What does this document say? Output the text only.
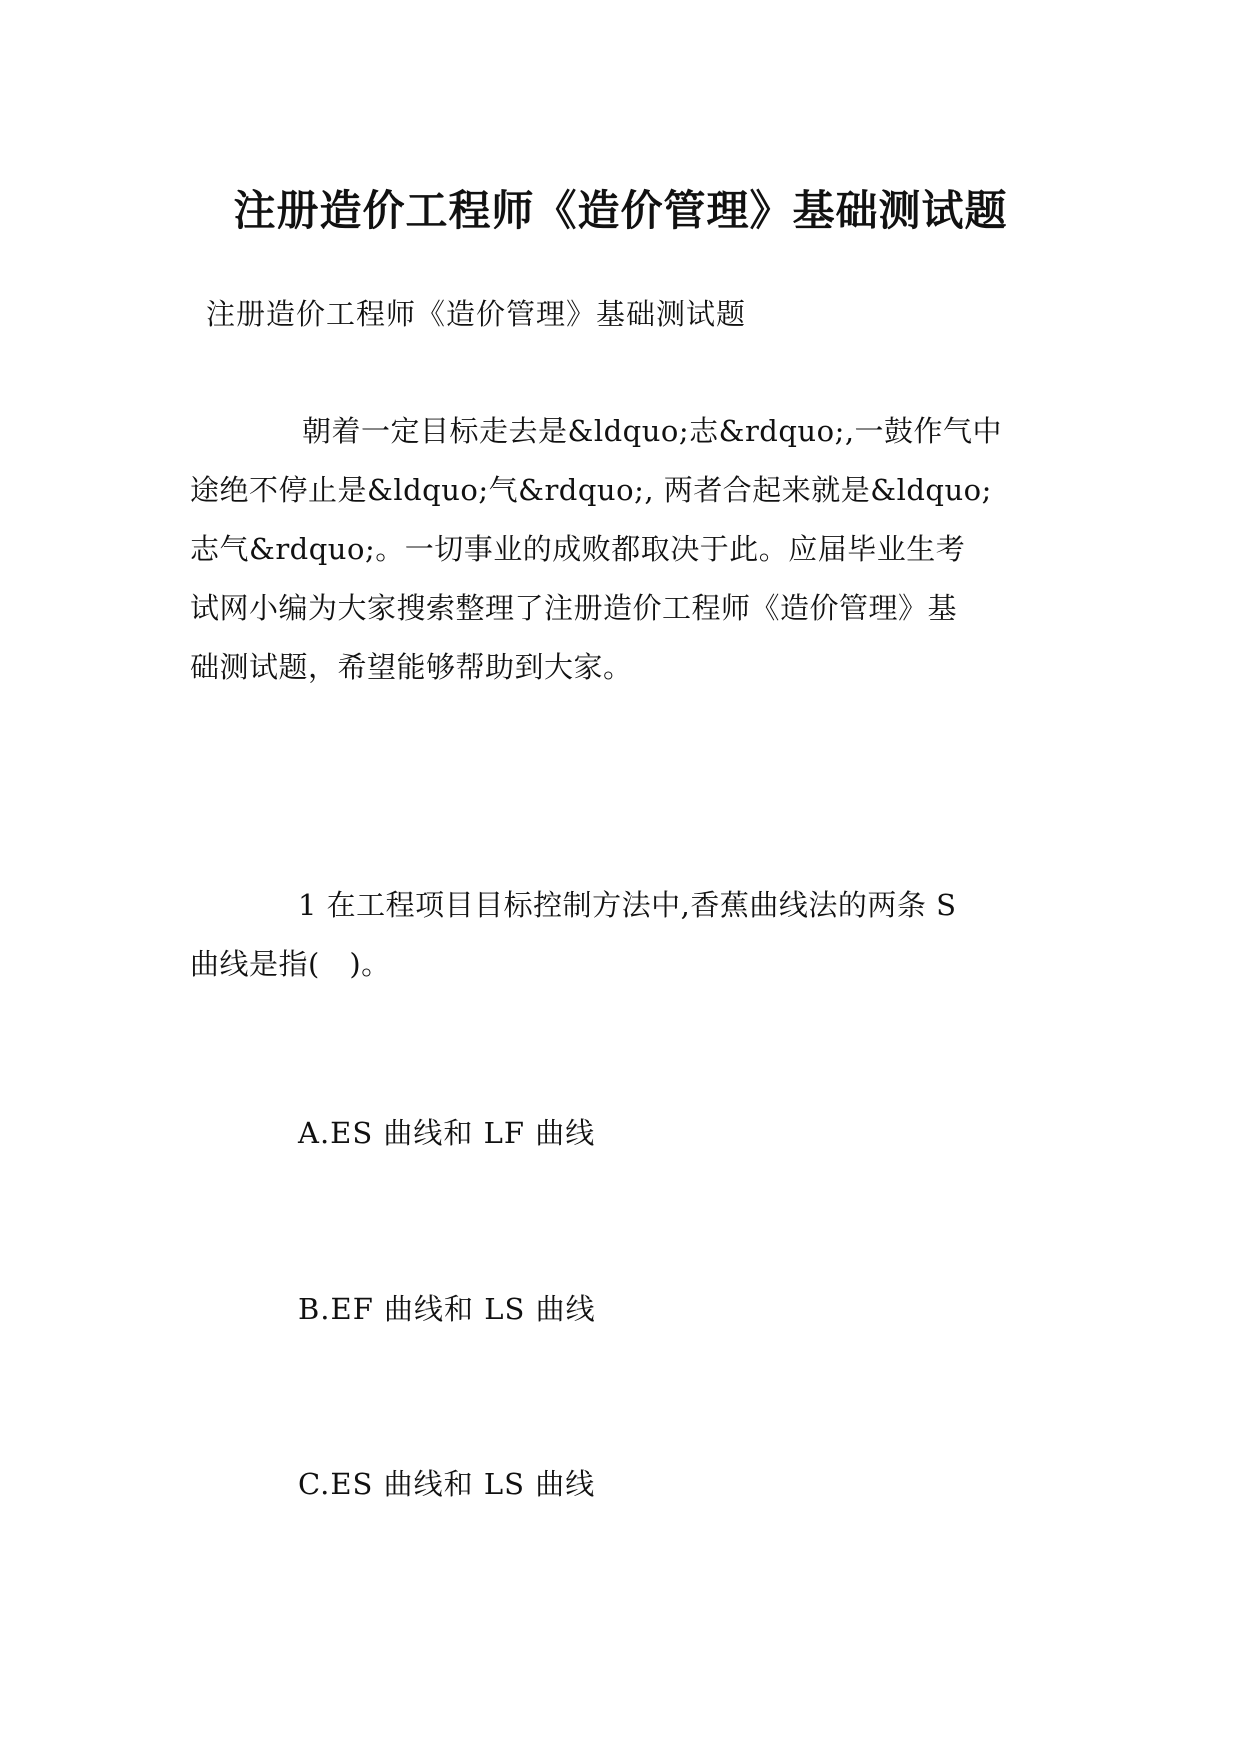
注册造价工程师《造价管理》基础测试题
注册造价工程师《造价管理》基础测试题

朝着一定目标走去是&ldquo;志&rdquo;,一鼓作气中

途绝不停止是&ldquo;气&rdquo;, 两者合起来就是&ldquo;

志气&rdquo;。一切事业的成败都取决于此。应届毕业生考

试网小编为大家搜索整理了注册造价工程师《造价管理》基

础测试题，希望能够帮助到大家。

1 在工程项目目标控制方法中,香蕉曲线法的两条 S

曲线是指(　)。

A.ES 曲线和 LF 曲线
B.EF 曲线和 LS 曲线
C.ES 曲线和 LS 曲线
